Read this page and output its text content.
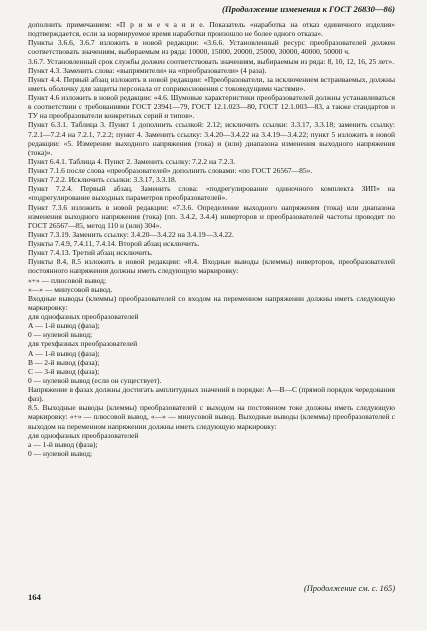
(Продолжение изменения к ГОСТ 26830—86)

дополнить примечанием: «П р и м е ч а н и е. Показатель «наработка на отказ единичного изделия» подтверждается, если за нормируемое время наработки произошло не более одного отказа».
Пункты 3.6.6, 3.6.7 изложить в новой редакции: «3.6.6. Установленный ресурс преобразователей должен соответствовать значениям, выбираемым из ряда: 10000, 15000, 20000, 25000, 30000, 40000, 50000 ч.
3.6.7. Установленный срок службы должен соответствовать значениям, выбираемым из ряда: 8, 10, 12, 16, 25 лет».
Пункт 4.3. Заменить слова: «выпрямители» на «преобразователи» (4 раза).
Пункт 4.4. Первый абзац изложить в новой редакции: «Преобразователи, за исключением встраиваемых, должны иметь оболочку для защиты персонала от соприкосновения с токоведущими частями».
Пункт 4.6 изложить в новой редакции: «4.6. Шумовые характеристики преобразователей должны устанавливаться в соответствии с требованиями ГОСТ 23941—79, ГОСТ 12.1.023—80, ГОСТ 12.1.003—83, а также стандартов и ТУ на преобразователи конкретных серий и типов».
Пункт 6.3.1. Таблица 3. Пункт 1 дополнить ссылкой: 2.12; исключить ссылки: 3.3.17, 3.3.18; заменить ссылку: 7.2.1—7.2.4 на 7.2.1, 7.2.2; пункт 4. Заменить ссылку: 3.4.20—3.4.22 на 3.4.19—3.4.22; пункт 5 изложить в новой редакции: «5. Измерение выходного напряжения (тока) и (или) диапазона изменения выходного напряжения (тока)».
Пункт 6.4.1. Таблица 4. Пункт 2. Заменить ссылку: 7.2.2 на 7.2.3.
Пункт 7.1.6 после слова «преобразователей» дополнить словами: «по ГОСТ 26567—85».
Пункт 7.2.2. Исключить ссылки: 3.3.17, 3.3.18.
Пункт 7.2.4. Первый абзац. Заменить слова: «подрегулирование одиночного комплекта ЗИП» на «подрегулирование выходных параметров преобразователей».
Пункт 7.3.6 изложить в новой редакции: «7.3.6. Определение выходного напряжения (тока) или диапазона изменения выходного напряжения (тока) (пп. 3.4.2, 3.4.4) инверторов и преобразователей частоты проводят по ГОСТ 26567—85, метод 110 и (или) 304».
Пункт 7.3.19. Заменить ссылку: 3.4.20—3.4.22 на 3.4.19—3.4.22.
Пункты 7.4.9, 7.4.11, 7.4.14. Второй абзац исключить.
Пункт 7.4.13. Третий абзац исключить.
Пункты 8.4, 8.5 изложить в новой редакции: «8.4. Входные выводы (клеммы) инверторов, преобразователей постоянного напряжения должны иметь следующую маркировку:
«+» — плюсовой вывод;
«—» — минусовой вывод.
Входные выводы (клеммы) преобразователей со входом на переменном напряжении должны иметь следующую маркировку:
для однофазных преобразователей
А — 1-й вывод (фаза);
0 — нулевой вывод;
для трехфазных преобразователей
А — 1-й вывод (фаза);
В — 2-й вывод (фаза);
С — 3-й вывод (фаза);
0 — нулевой вывод (если он существует).
Напряжение в фазах должны достигать амплитудных значений в порядке: А—В—С (прямой порядок чередования фаз).
8.5. Выходные выводы (клеммы) преобразователей с выходом на постоянном токе должны иметь следующую маркировку: «+» — плюсовой вывод, «—» — минусовой вывод. Выходные выводы (клеммы) преобразователей с выходом на переменном напряжении должны иметь следующую маркировку:
для однофазных преобразователей
а — 1-й вывод (фаза);
0 — нулевой вывод;

164
(Продолжение см. с. 165)
